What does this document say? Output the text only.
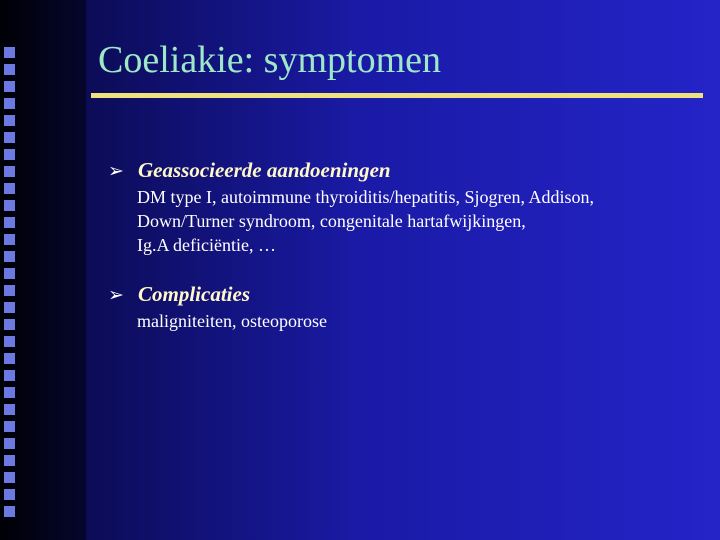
Coeliakie: symptomen
➢ Geassocieerde aandoeningen
DM type I, autoimmune thyroiditis/hepatitis, Sjogren, Addison,
Down/Turner syndroom, congenitale hartafwijkingen,
Ig.A deficiëntie, …
➢ Complicaties
maligniteiten, osteoporose
